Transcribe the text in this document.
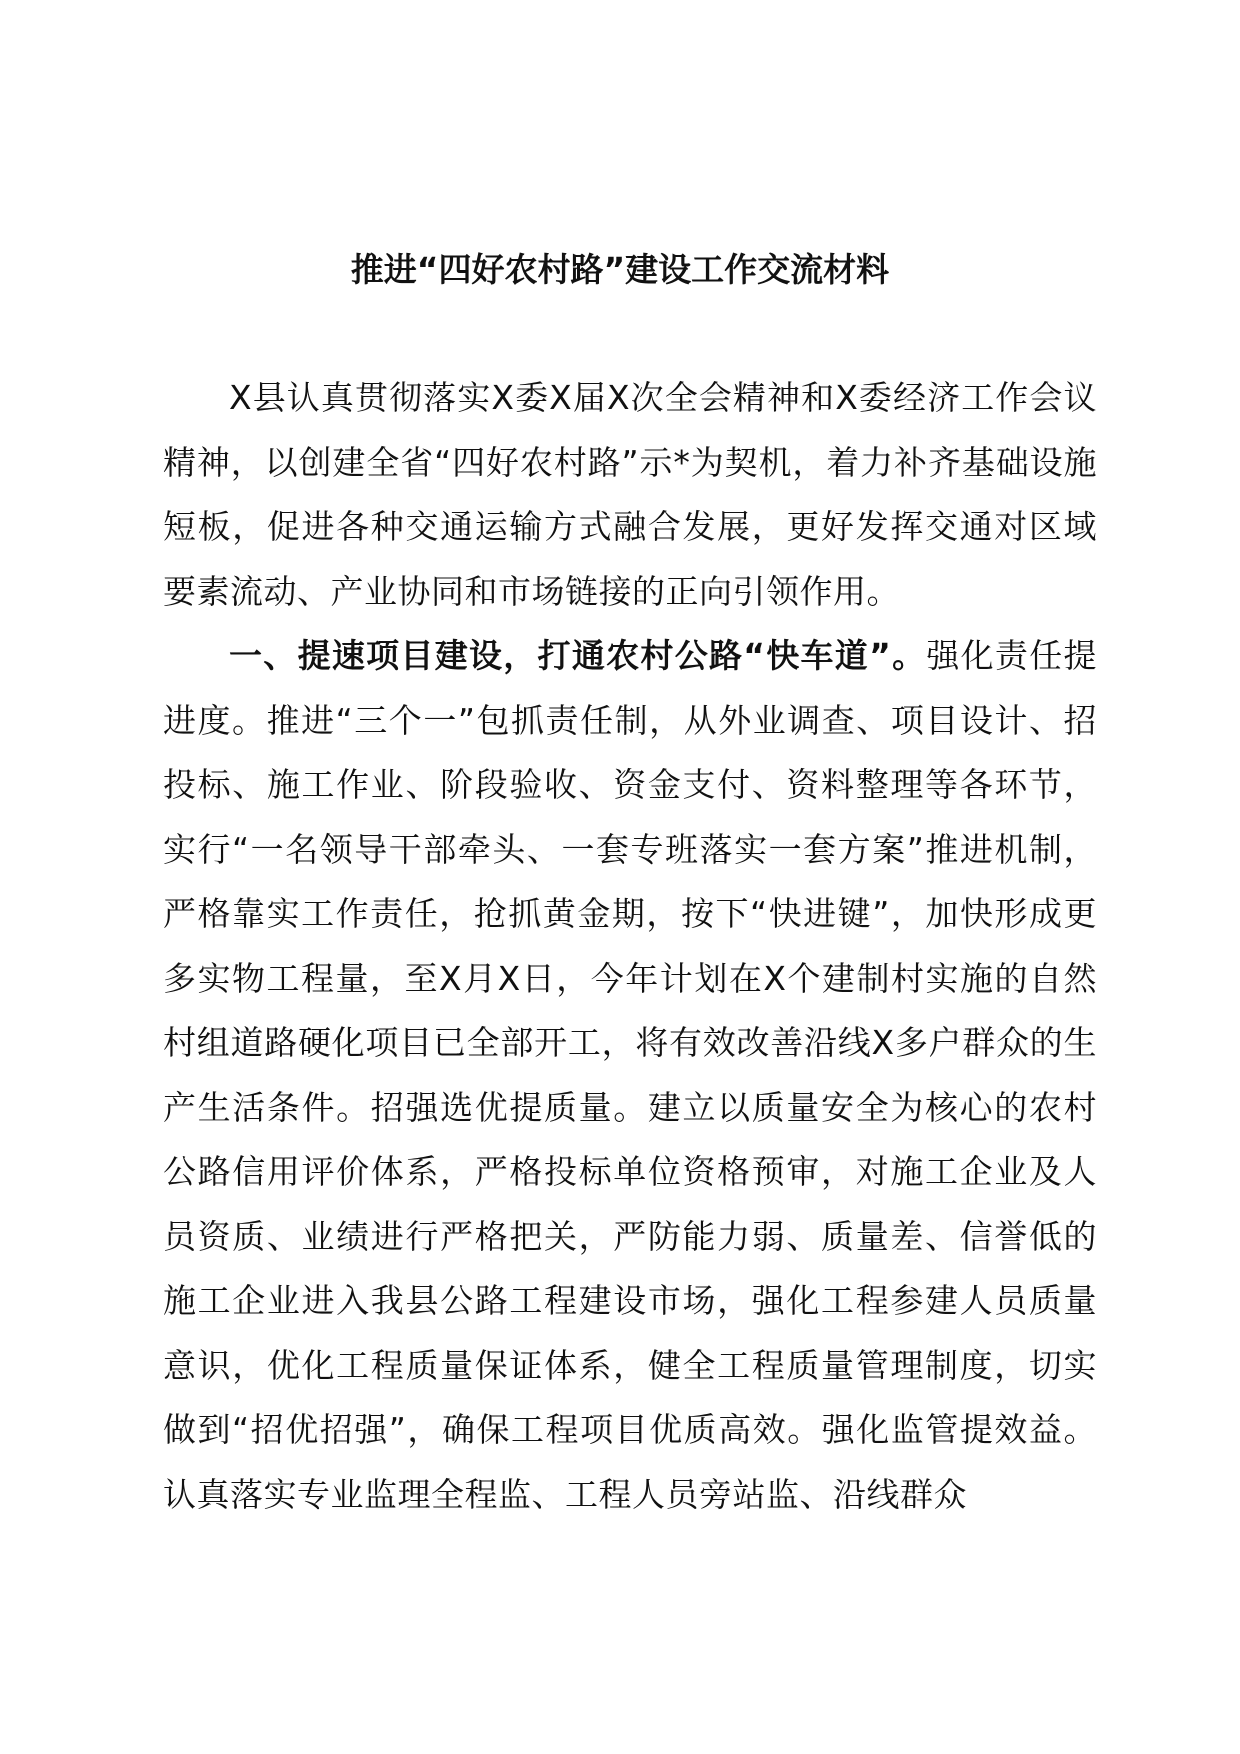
推进“四好农村路”建设工作交流材料

X县认真贯彻落实X委X届X次全会精神和X委经济工作会议精神，以创建全省“四好农村路”示*为契机，着力补齐基础设施短板，促进各种交通运输方式融合发展，更好发挥交通对区域要素流动、产业协同和市场链接的正向引领作用。

一、提速项目建设，打通农村公路“快车道”。强化责任提进度。推进“三个一”包抓责任制，从外业调查、项目设计、招投标、施工作业、阶段验收、资金支付、资料整理等各环节，实行“一名领导干部牵头、一套专班落实一套方案”推进机制，严格靠实工作责任，抢抓黄金期，按下“快进键”，加快形成更多实物工程量，至X月X日，今年计划在X个建制村实施的自然村组道路硬化项目已全部开工，将有效改善沿线X多户群众的生产生活条件。招强选优提质量。建立以质量安全为核心的农村公路信用评价体系，严格投标单位资格预审，对施工企业及人员资质、业绩进行严格把关，严防能力弱、质量差、信誉低的施工企业进入我县公路工程建设市场，强化工程参建人员质量意识，优化工程质量保证体系，健全工程质量管理制度，切实做到“招优招强”，确保工程项目优质高效。强化监管提效益。认真落实专业监理全程监、工程人员旁站监、沿线群众
